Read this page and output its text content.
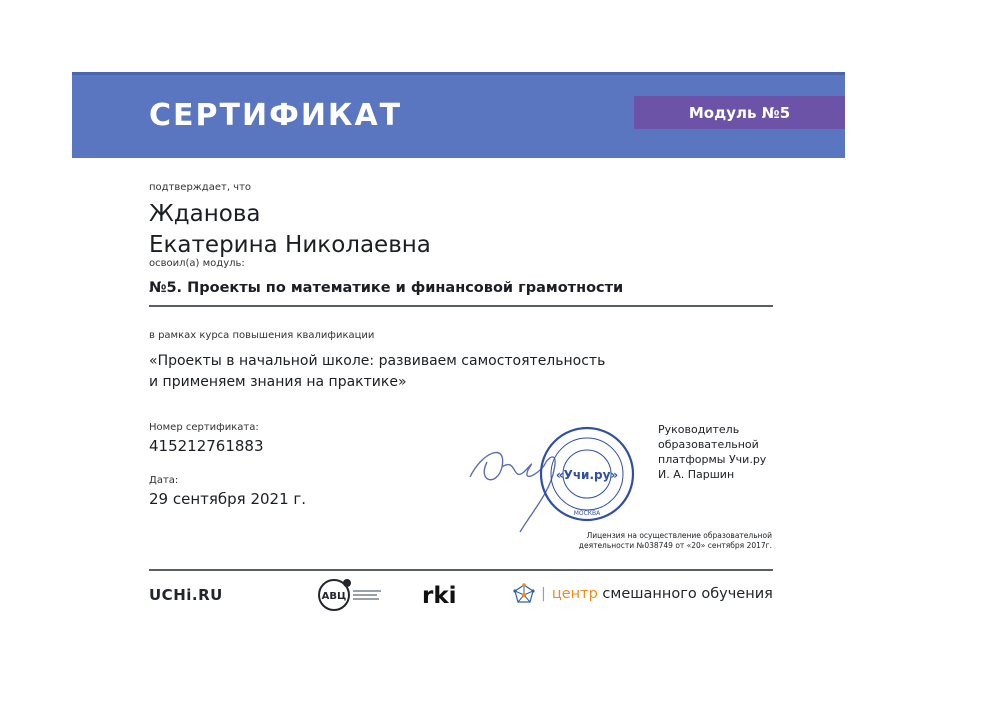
СЕРТИФИКАТ	Модуль №5
подтверждает, что
Жданова
Екатерина Николаевна
освоил(а) модуль:
№5. Проекты по математике и финансовой грамотности
в рамках курса повышения квалификации
«Проекты в начальной школе: развиваем самостоятельность
и применяем знания на практике»
Номер сертификата:
415212761883
Дата:
29 сентября 2021 г.
«Учи.ру»
МОСКВА
Руководитель
образовательной
платформы Учи.ру
И. А. Паршин
Лицензия на осуществление образовательной
деятельности №038749 от «20» сентября 2017г.
UCHi.RU	АВЦ	rki	| центр смешанного обучения
